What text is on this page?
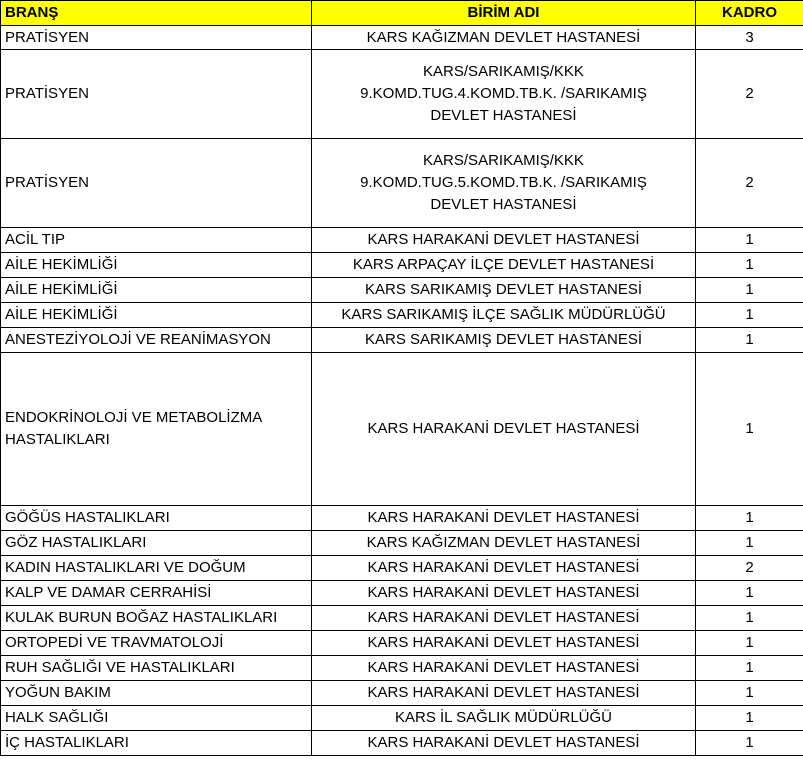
BRANŞ	BİRİM ADI	KADRO

PRATİSYEN	KARS KAĞIZMAN DEVLET HASTANESİ	3

PRATİSYEN	KARS/SARIKAMIŞ/KKK
9.KOMD.TUG.4.KOMD.TB.K. /SARIKAMIŞ
DEVLET HASTANESİ	2

PRATİSYEN	KARS/SARIKAMIŞ/KKK
9.KOMD.TUG.5.KOMD.TB.K. /SARIKAMIŞ
DEVLET HASTANESİ	2

ACİL TIP	KARS HARAKANİ DEVLET HASTANESİ	1

AİLE HEKİMLİĞİ	KARS ARPAÇAY İLÇE DEVLET HASTANESİ	1

AİLE HEKİMLİĞİ	KARS SARIKAMIŞ DEVLET HASTANESİ	1

AİLE HEKİMLİĞİ	KARS SARIKAMIŞ İLÇE SAĞLIK MÜDÜRLÜĞÜ	1

ANESTEZİYOLOJİ VE REANİMASYON	KARS SARIKAMIŞ DEVLET HASTANESİ	1

ENDOKRİNOLOJİ VE METABOLİZMA
HASTALIKLARI	KARS HARAKANİ DEVLET HASTANESİ	1

GÖĞÜS HASTALIKLARI	KARS HARAKANİ DEVLET HASTANESİ	1

GÖZ HASTALIKLARI	KARS KAĞIZMAN DEVLET HASTANESİ	1

KADIN HASTALIKLARI VE DOĞUM	KARS HARAKANİ DEVLET HASTANESİ	2

KALP VE DAMAR CERRAHİSİ	KARS HARAKANİ DEVLET HASTANESİ	1

KULAK BURUN BOĞAZ HASTALIKLARI	KARS HARAKANİ DEVLET HASTANESİ	1

ORTOPEDİ VE TRAVMATOLOJİ	KARS HARAKANİ DEVLET HASTANESİ	1

RUH SAĞLIĞI VE HASTALIKLARI	KARS HARAKANİ DEVLET HASTANESİ	1

YOĞUN BAKIM	KARS HARAKANİ DEVLET HASTANESİ	1

HALK SAĞLIĞI	KARS İL SAĞLIK MÜDÜRLÜĞÜ	1

İÇ HASTALIKLARI	KARS HARAKANİ DEVLET HASTANESİ	1
